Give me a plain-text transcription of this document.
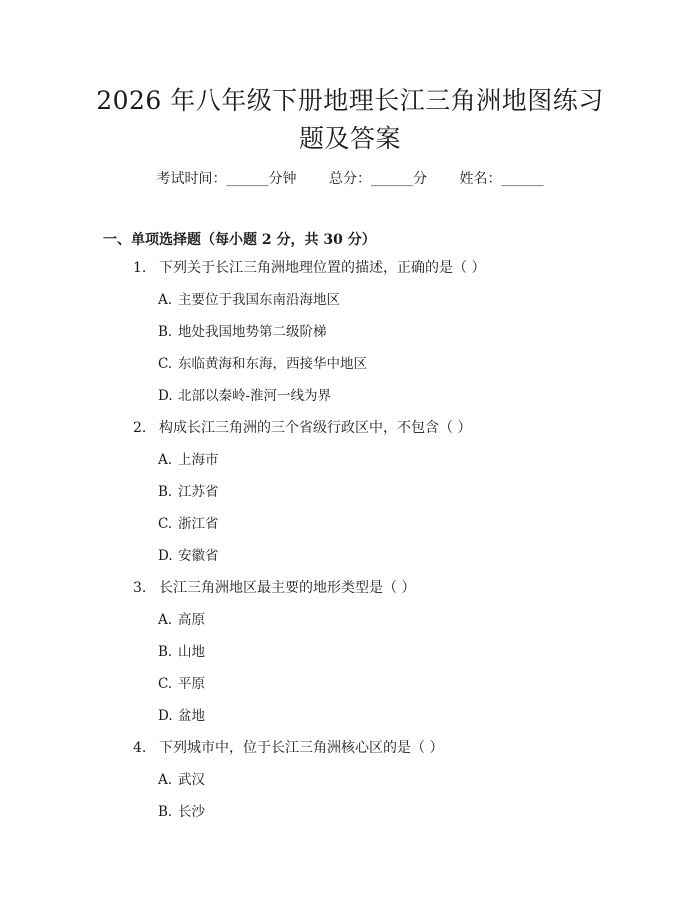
2026 年八年级下册地理长江三角洲地图练习
题及答案
考试时间：______分钟 总分：______分 姓名：______
一、单项选择题（每小题 2 分，共 30 分）
1. 下列关于长江三角洲地理位置的描述，正确的是（ ）
A. 主要位于我国东南沿海地区
B. 地处我国地势第二级阶梯
C. 东临黄海和东海，西接华中地区
D. 北部以秦岭-淮河一线为界
2. 构成长江三角洲的三个省级行政区中，不包含（ ）
A. 上海市
B. 江苏省
C. 浙江省
D. 安徽省
3. 长江三角洲地区最主要的地形类型是（ ）
A. 高原
B. 山地
C. 平原
D. 盆地
4. 下列城市中，位于长江三角洲核心区的是（ ）
A. 武汉
B. 长沙
